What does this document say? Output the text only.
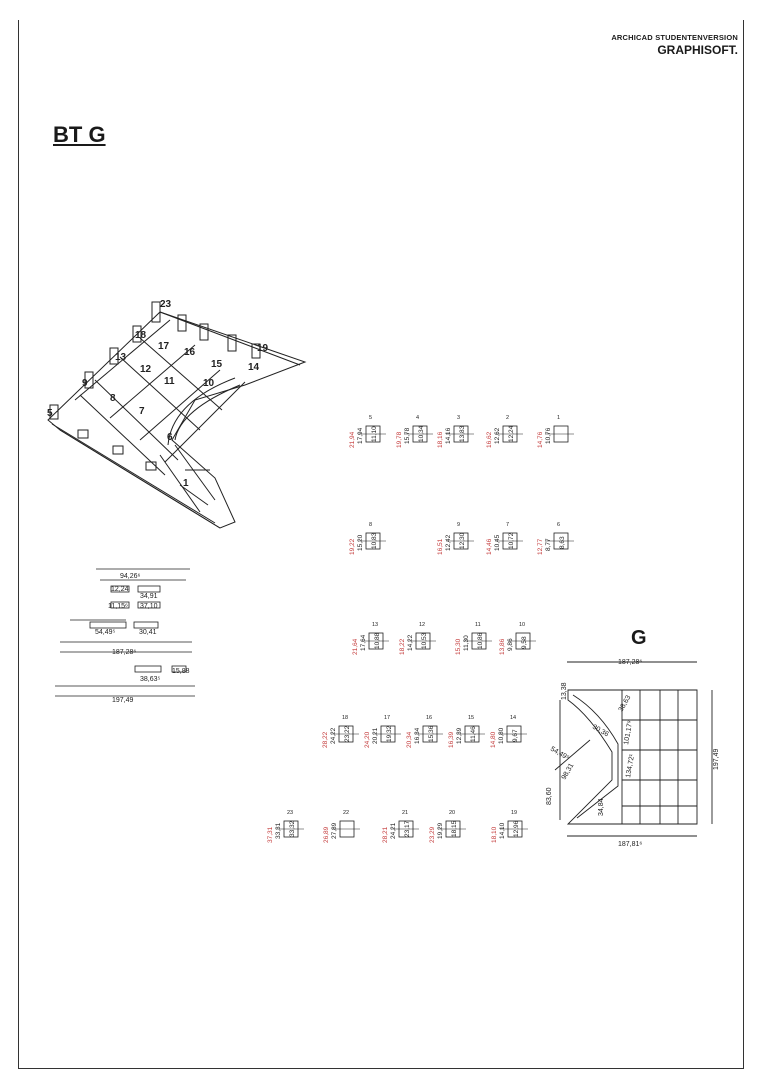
ARCHICAD STUDENTENVERSION
GRAPHISOFT.
BT G
G
23
18
17
16
15	14
13
12
11	10
9
8
7
6
5
1
19
94,26⁶
12,24
34,91
11,15⁶ 37,10
54,49⁵	30,41
187,28⁶
38,63⁵
15,88
197,49
5
21,94 17,94 11,10
4
19,78 15,78 10,34
3
18,16 14,16 13,83
2
16,62 12,62 12,24
1
14,76 10,76
8
19,22 15,20 10,83
9
16,51 12,42 12,30
7
14,46 10,45 10,72
6
12,77 8,77 8,63
13
21,64 17,64 10,88
12
18,22 14,22 10,53
11
15,30 11,30 10,86
10
13,86 9,86 9,58
18
28,22 24,22 23,22
17
24,20 20,21 19,32
16
20,34 16,34 15,36
15
16,39 12,39 11,46
14
14,80 10,80 9,67
23
37,31 33,31 33,32
22
26,89 27,89
21
28,21 24,21 23,17
20
23,29 19,29 18,15
19
18,10 14,10 12,96
187,28⁶
187,81⁶
197,49
54,49⁵
98,31
83,60
30,36
38,63
34,84
13,38
101,17⁹
134,72¹
